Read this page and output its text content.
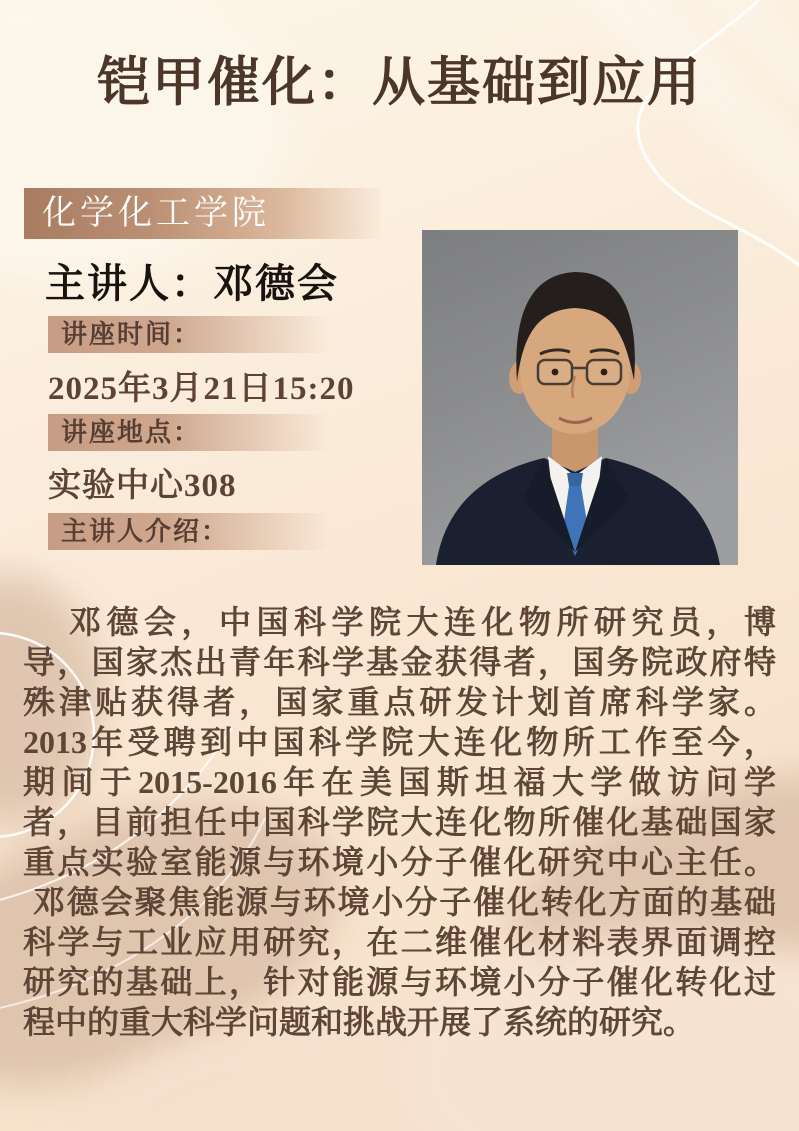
铠甲催化：从基础到应用
化学化工学院
主讲人：邓德会
讲座时间：
2025年3月21日15:20
讲座地点：
实验中心308
主讲人介绍：
邓德会，中国科学院大连化物所研究员，博
导，国家杰出青年科学基金获得者，国务院政府特
殊津贴获得者，国家重点研发计划首席科学家。
2013年受聘到中国科学院大连化物所工作至今，
期间于2015-2016年在美国斯坦福大学做访问学
者，目前担任中国科学院大连化物所催化基础国家
重点实验室能源与环境小分子催化研究中心主任。
邓德会聚焦能源与环境小分子催化转化方面的基础
科学与工业应用研究，在二维催化材料表界面调控
研究的基础上，针对能源与环境小分子催化转化过
程中的重大科学问题和挑战开展了系统的研究。
